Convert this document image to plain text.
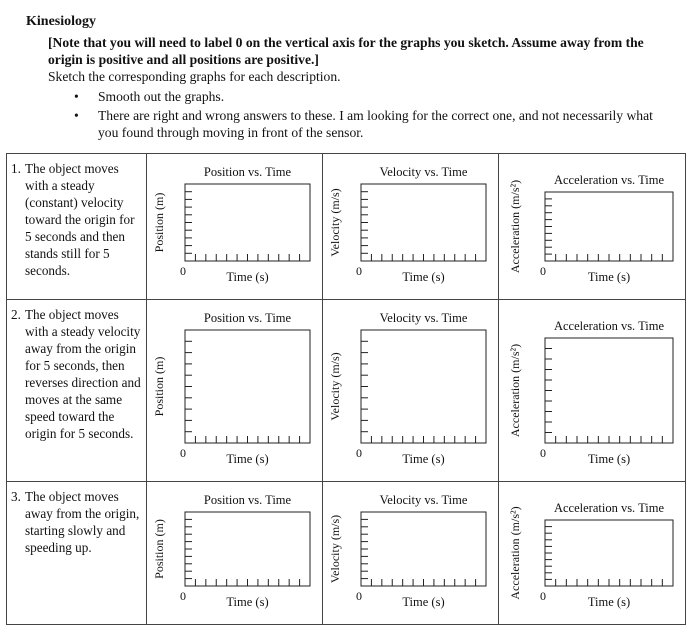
Kinesiology
[Note that you will need to label 0 on the vertical axis for the graphs you sketch. Assume away from the origin is positive and all positions are positive.]
Sketch the corresponding graphs for each description.
• Smooth out the graphs.
• There are right and wrong answers to these. I am looking for the correct one, and not necessarily what you found through moving in front of the sensor.
1. The object moves with a steady (constant) velocity toward the origin for 5 seconds and then stands still for 5 seconds.	Position vs. Time
Position (m)
0 Time (s)	Velocity vs. Time
Velocity (m/s)
0 Time (s)	Acceleration vs. Time
Acceleration (m/s²) 0 Time (s)

2. The object moves with a steady velocity away from the origin for 5 seconds, then reverses direction and moves at the same speed toward the origin for 5 seconds.	Position vs. Time
Position (m)
0 Time (s)	Velocity vs. Time
Velocity (m/s)
0 Time (s)	Acceleration vs. Time
Acceleration (m/s²)
0 Time (s)

3. The object moves away from the origin, starting slowly and speeding up.	Position vs. Time
Position (m)
0 Time (s)	Velocity vs. Time
Velocity (m/s)
0 Time (s)	Acceleration vs. Time
Acceleration (m/s²) 0 Time (s)
